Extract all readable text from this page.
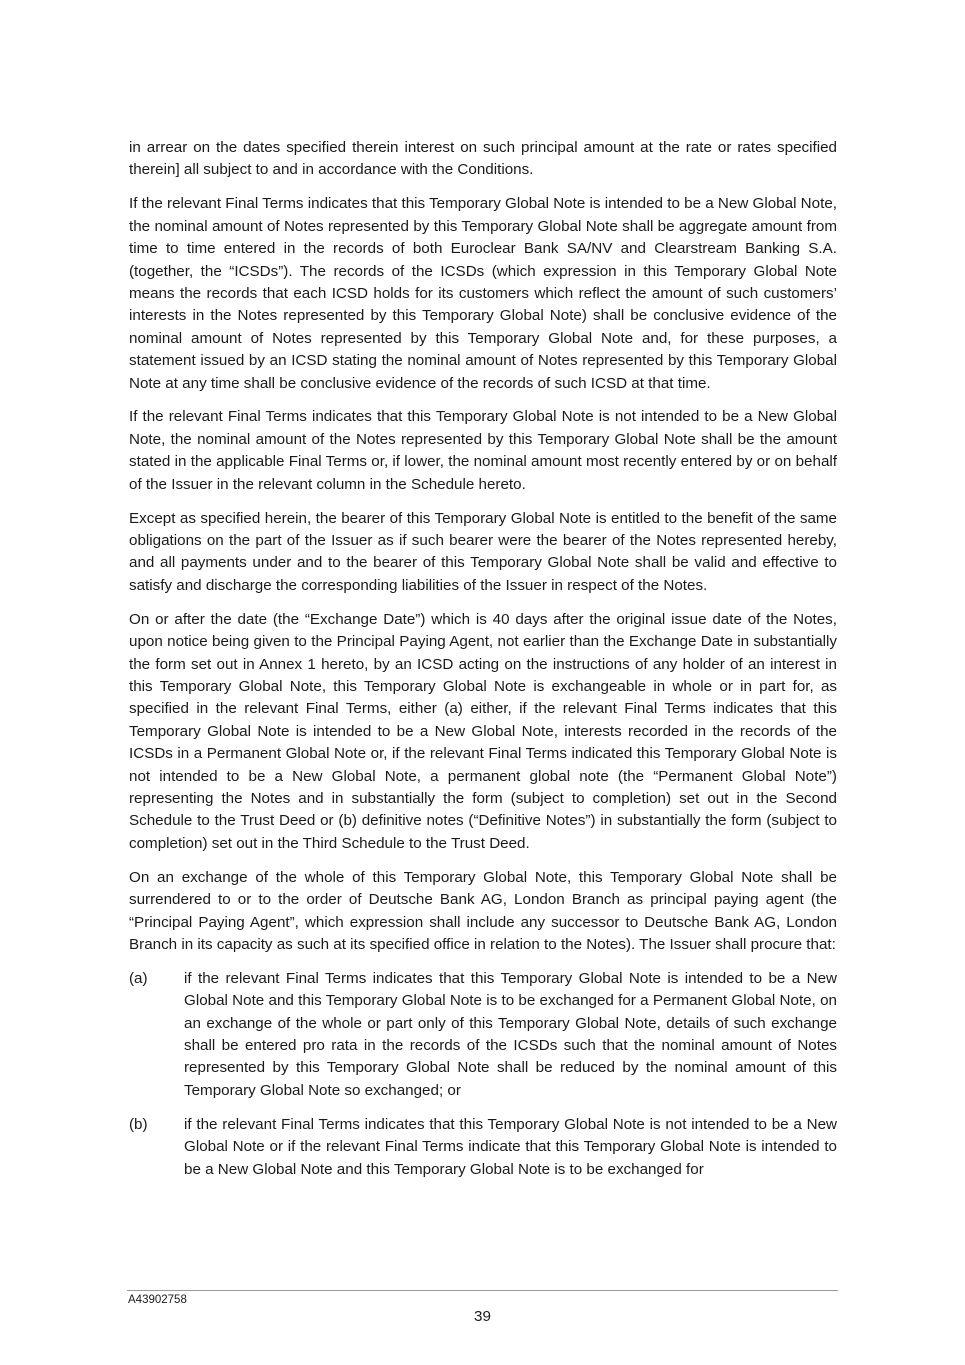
in arrear on the dates specified therein interest on such principal amount at the rate or rates specified therein] all subject to and in accordance with the Conditions.

If the relevant Final Terms indicates that this Temporary Global Note is intended to be a New Global Note, the nominal amount of Notes represented by this Temporary Global Note shall be aggregate amount from time to time entered in the records of both Euroclear Bank SA/NV and Clearstream Banking S.A. (together, the “ICSDs”). The records of the ICSDs (which expression in this Temporary Global Note means the records that each ICSD holds for its customers which reflect the amount of such customers’ interests in the Notes represented by this Temporary Global Note) shall be conclusive evidence of the nominal amount of Notes represented by this Temporary Global Note and, for these purposes, a statement issued by an ICSD stating the nominal amount of Notes represented by this Temporary Global Note at any time shall be conclusive evidence of the records of such ICSD at that time.

If the relevant Final Terms indicates that this Temporary Global Note is not intended to be a New Global Note, the nominal amount of the Notes represented by this Temporary Global Note shall be the amount stated in the applicable Final Terms or, if lower, the nominal amount most recently entered by or on behalf of the Issuer in the relevant column in the Schedule hereto.

Except as specified herein, the bearer of this Temporary Global Note is entitled to the benefit of the same obligations on the part of the Issuer as if such bearer were the bearer of the Notes represented hereby, and all payments under and to the bearer of this Temporary Global Note shall be valid and effective to satisfy and discharge the corresponding liabilities of the Issuer in respect of the Notes.

On or after the date (the “Exchange Date”) which is 40 days after the original issue date of the Notes, upon notice being given to the Principal Paying Agent, not earlier than the Exchange Date in substantially the form set out in Annex 1 hereto, by an ICSD acting on the instructions of any holder of an interest in this Temporary Global Note, this Temporary Global Note is exchangeable in whole or in part for, as specified in the relevant Final Terms, either (a) either, if the relevant Final Terms indicates that this Temporary Global Note is intended to be a New Global Note, interests recorded in the records of the ICSDs in a Permanent Global Note or, if the relevant Final Terms indicated this Temporary Global Note is not intended to be a New Global Note, a permanent global note (the “Permanent Global Note”) representing the Notes and in substantially the form (subject to completion) set out in the Second Schedule to the Trust Deed or (b) definitive notes (“Definitive Notes”) in substantially the form (subject to completion) set out in the Third Schedule to the Trust Deed.

On an exchange of the whole of this Temporary Global Note, this Temporary Global Note shall be surrendered to or to the order of Deutsche Bank AG, London Branch as principal paying agent (the “Principal Paying Agent”, which expression shall include any successor to Deutsche Bank AG, London Branch in its capacity as such at its specified office in relation to the Notes). The Issuer shall procure that:

(a)	if the relevant Final Terms indicates that this Temporary Global Note is intended to be a New Global Note and this Temporary Global Note is to be exchanged for a Permanent Global Note, on an exchange of the whole or part only of this Temporary Global Note, details of such exchange shall be entered pro rata in the records of the ICSDs such that the nominal amount of Notes represented by this Temporary Global Note shall be reduced by the nominal amount of this Temporary Global Note so exchanged; or
(b)	if the relevant Final Terms indicates that this Temporary Global Note is not intended to be a New Global Note or if the relevant Final Terms indicate that this Temporary Global Note is intended to be a New Global Note and this Temporary Global Note is to be exchanged for
A43902758
39
